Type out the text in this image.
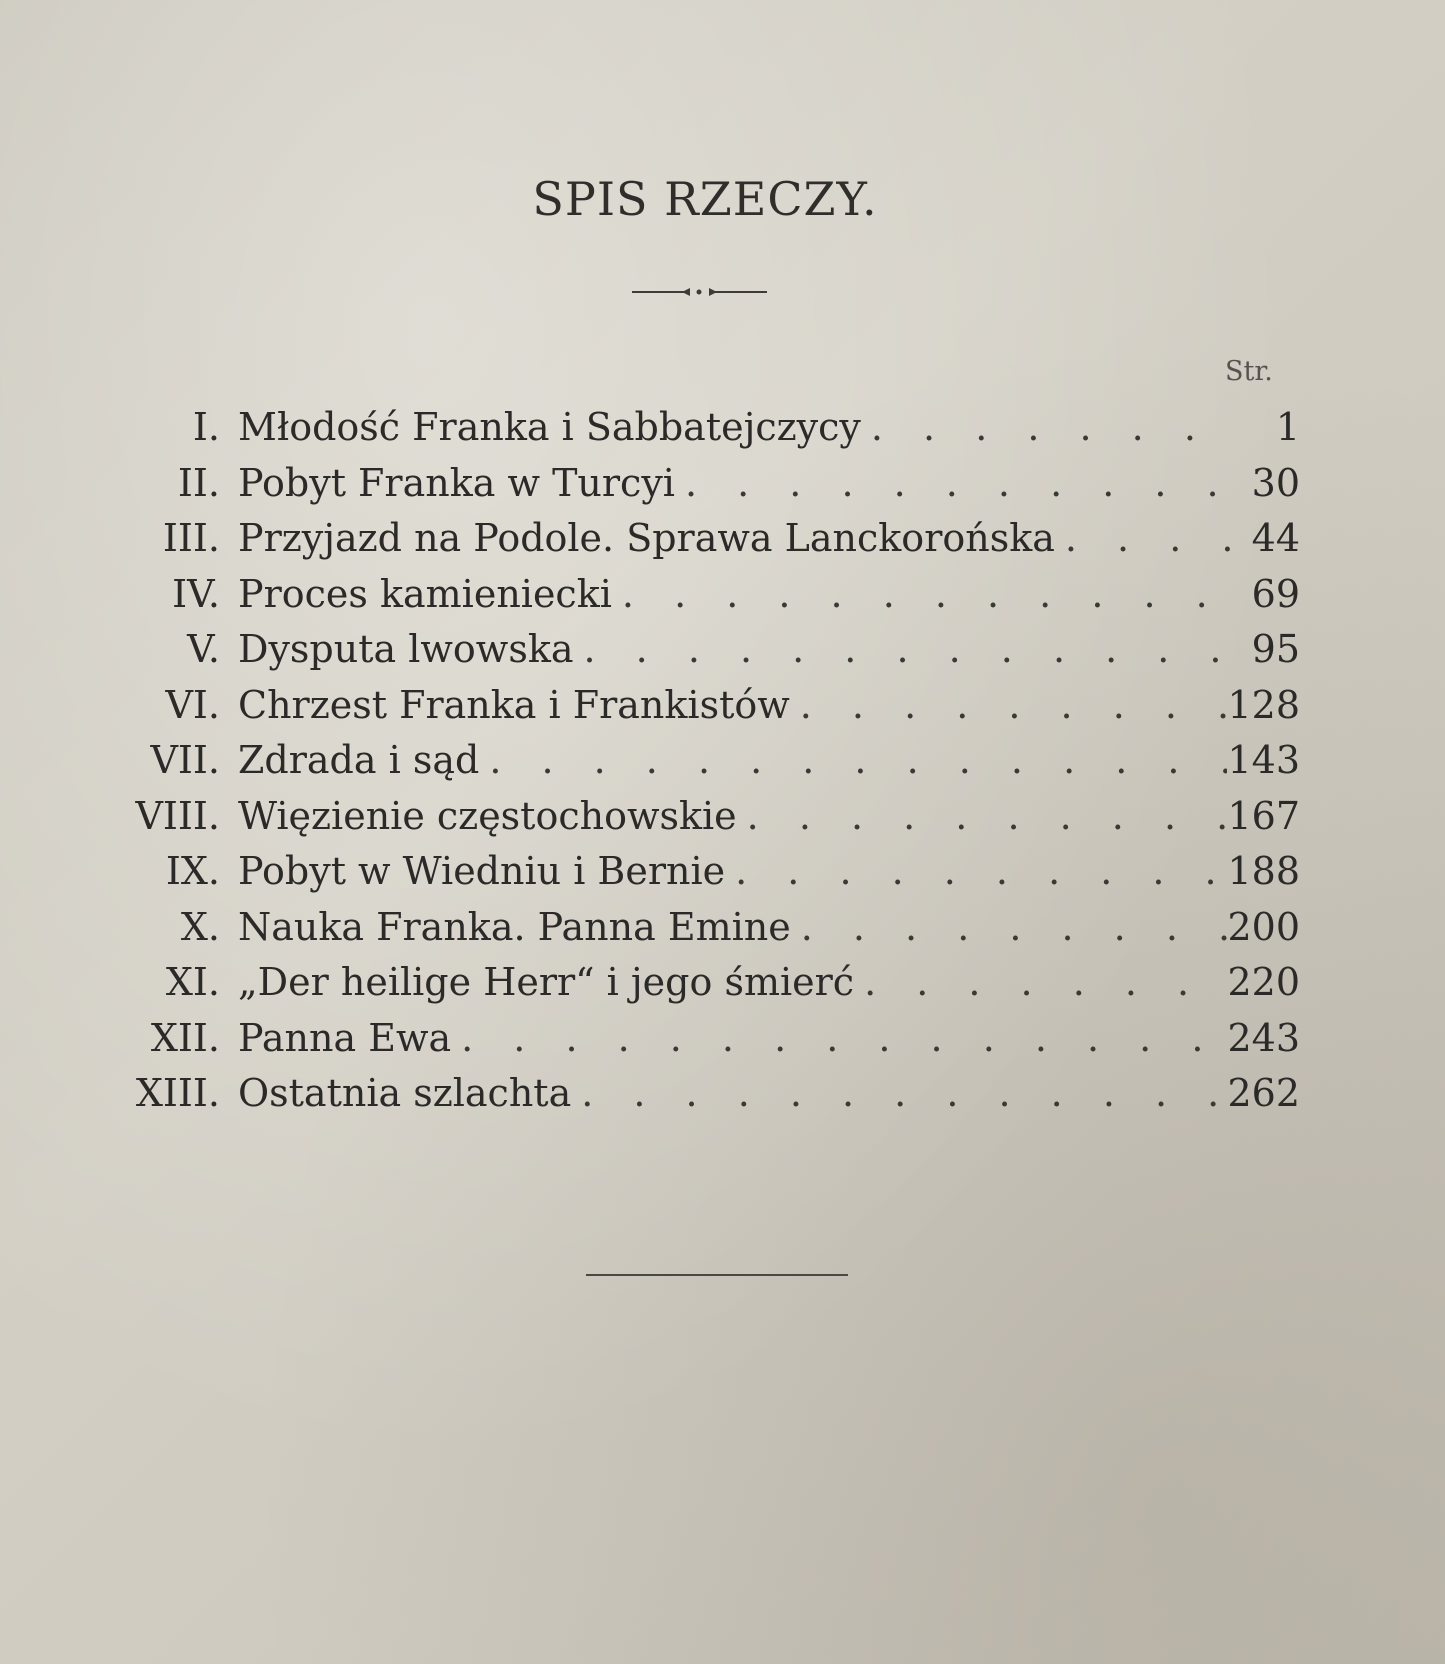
SPIS RZECZY.
Str.
I. Młodość Franka i Sabbatejczycy . . .	1
II. Pobyt Franka w Turcyi . . .	30
III. Przyjazd na Podole. Sprawa Lanckorońska . . .	44
IV. Proces kamieniecki . . .	69
V. Dysputa lwowska . . .	95
VI. Chrzest Franka i Frankistów . . .	128
VII. Zdrada i sąd . . .	143
VIII. Więzienie częstochowskie . . .	167
IX. Pobyt w Wiedniu i Bernie . . .	188
X. Nauka Franka. Panna Emine . . .	200
XI. „Der heilige Herr“ i jego śmierć . . .	220
XII. Panna Ewa . . .	243
XIII. Ostatnia szlachta . . .	262
